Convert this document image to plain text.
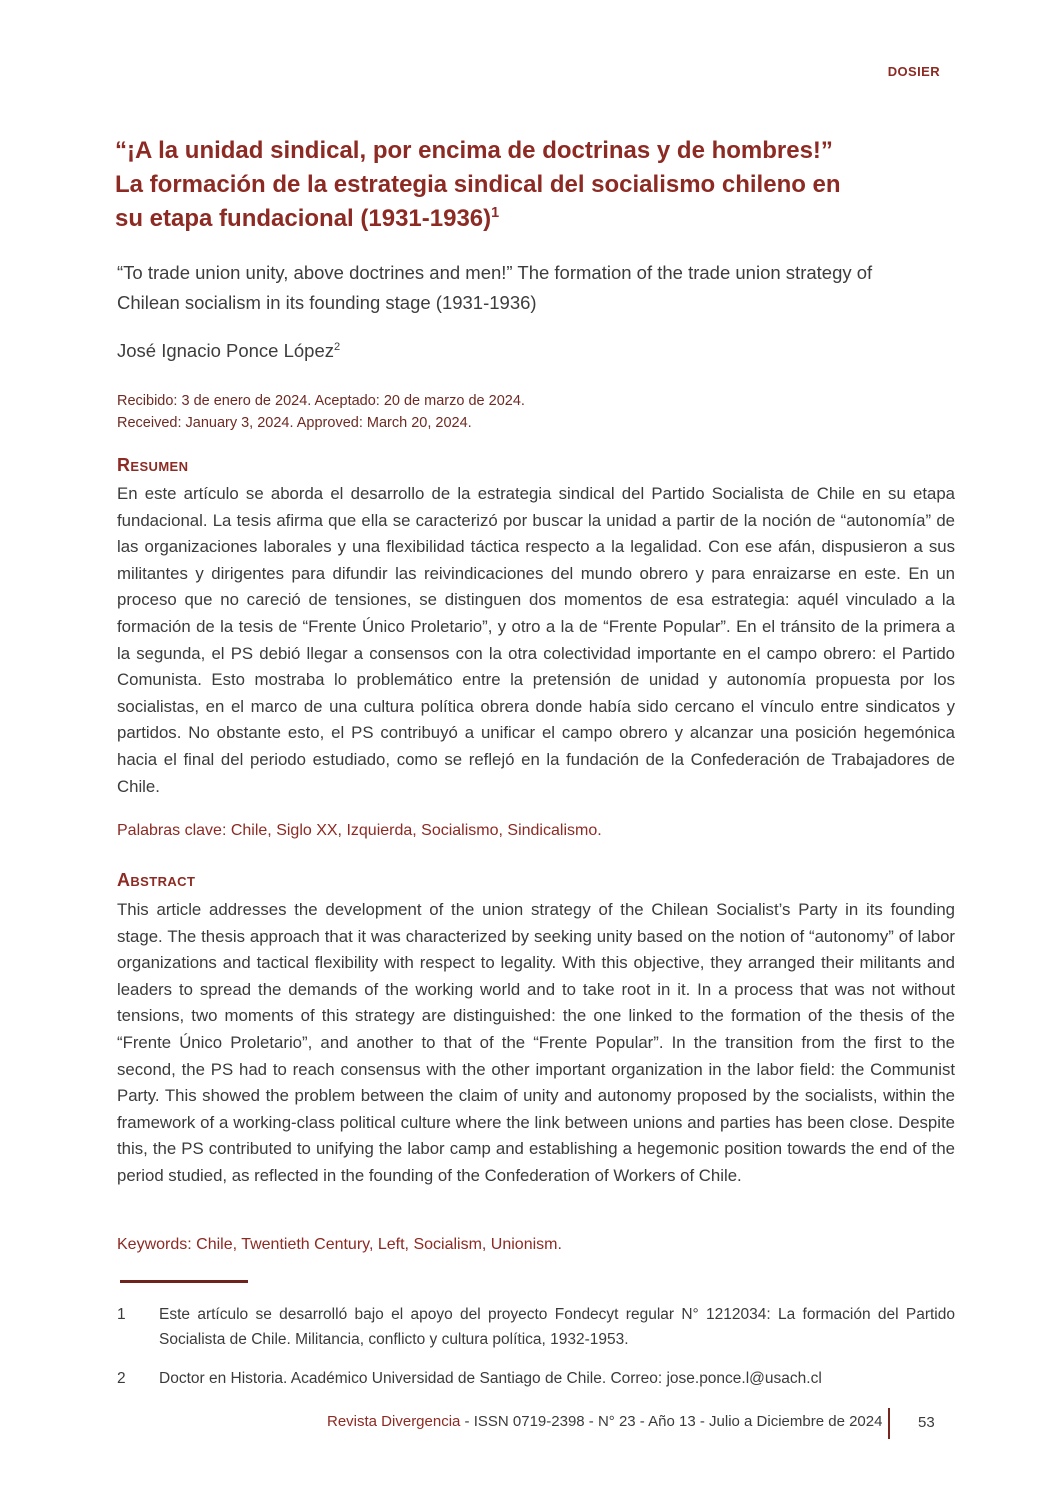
DOSIER
“¡A la unidad sindical, por encima de doctrinas y de hombres!”
La formación de la estrategia sindical del socialismo chileno en
su etapa fundacional (1931-1936)$^1$
“To trade union unity, above doctrines and men!” The formation of the trade union strategy of
Chilean socialism in its founding stage (1931-1936)
José Ignacio Ponce López$^2$
Recibido: 3 de enero de 2024. Aceptado: 20 de marzo de 2024.
Received: January 3, 2024. Approved: March 20, 2024.
Resumen
En este artículo se aborda el desarrollo de la estrategia sindical del Partido Socialista de Chile en su etapa fundacional. La tesis afirma que ella se caracterizó por buscar la unidad a partir de la noción de “autonomía” de las organizaciones laborales y una flexibilidad táctica respecto a la legalidad. Con ese afán, dispusieron a sus militantes y dirigentes para difundir las reivindicaciones del mundo obrero y para enraizarse en este. En un proceso que no careció de tensiones, se distinguen dos momentos de esa estrategia: aquél vinculado a la formación de la tesis de “Frente Único Proletario”, y otro a la de “Frente Popular”. En el tránsito de la primera a la segunda, el PS debió llegar a consensos con la otra colectividad importante en el campo obrero: el Partido Comunista. Esto mostraba lo problemático entre la pretensión de unidad y autonomía propuesta por los socialistas, en el marco de una cultura política obrera donde había sido cercano el vínculo entre sindicatos y partidos. No obstante esto, el PS contribuyó a unificar el campo obrero y alcanzar una posición hegemónica hacia el final del periodo estudiado, como se reflejó en la fundación de la Confederación de Trabajadores de Chile.
Palabras clave: Chile, Siglo XX, Izquierda, Socialismo, Sindicalismo.
Abstract
This article addresses the development of the union strategy of the Chilean Socialist’s Party in its founding stage. The thesis approach that it was characterized by seeking unity based on the notion of “autonomy” of labor organizations and tactical flexibility with respect to legality. With this objective, they arranged their militants and leaders to spread the demands of the working world and to take root in it. In a process that was not without tensions, two moments of this strategy are distinguished: the one linked to the formation of the thesis of the “Frente Único Proletario”, and another to that of the “Frente Popular”. In the transition from the first to the second, the PS had to reach consensus with the other important organization in the labor field: the Communist Party. This showed the problem between the claim of unity and autonomy proposed by the socialists, within the framework of a working-class political culture where the link between unions and parties has been close. Despite this, the PS contributed to unifying the labor camp and establishing a hegemonic position towards the end of the period studied, as reflected in the founding of the Confederation of Workers of Chile.
Keywords: Chile, Twentieth Century, Left, Socialism, Unionism.
1	Este artículo se desarrolló bajo el apoyo del proyecto Fondecyt regular N° 1212034: La formación del Partido Socialista de Chile. Militancia, conflicto y cultura política, 1932-1953.
2	Doctor en Historia. Académico Universidad de Santiago de Chile. Correo: jose.ponce.l@usach.cl
Revista Divergencia - ISSN 0719-2398 - N° 23 - Año 13 - Julio a Diciembre de 2024 53
